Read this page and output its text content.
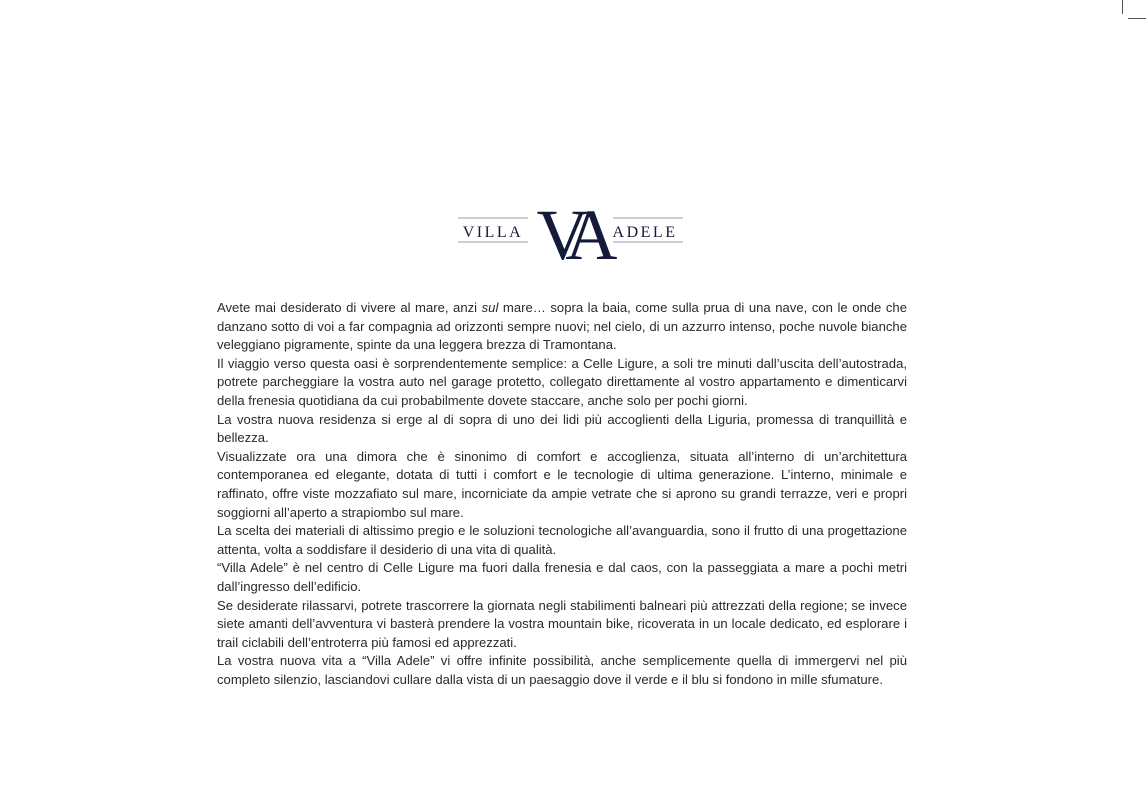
VILLA	ADELE
VA

Avete mai desiderato di vivere al mare, anzi sul mare… sopra la baia, come sulla prua di una nave, con le onde che danzano sotto di voi a far compagnia ad orizzonti sempre nuovi; nel cielo, di un azzurro intenso, poche nuvole bianche veleggiano pigramente, spinte da una leggera brezza di Tramontana.

Il viaggio verso questa oasi è sorprendentemente semplice: a Celle Ligure, a soli tre minuti dall’uscita dell’autostrada, potrete parcheggiare la vostra auto nel garage protetto, collegato direttamente al vostro appartamento e dimenticarvi della frenesia quotidiana da cui probabilmente dovete staccare, anche solo per pochi giorni.

La vostra nuova residenza si erge al di sopra di uno dei lidi più accoglienti della Liguria, promessa di tranquillità e bellezza.

Visualizzate ora una dimora che è sinonimo di comfort e accoglienza, situata all’interno di un’architettura contemporanea ed elegante, dotata di tutti i comfort e le tecnologie di ultima generazione. L’interno, minimale e raffinato, offre viste mozzafiato sul mare, incorniciate da ampie vetrate che si aprono su grandi terrazze, veri e propri soggiorni all’aperto a strapiombo sul mare.

La scelta dei materiali di altissimo pregio e le soluzioni tecnologiche all’avanguardia, sono il frutto di una progettazione attenta, volta a soddisfare il desiderio di una vita di qualità.

“Villa Adele” è nel centro di Celle Ligure ma fuori dalla frenesia e dal caos, con la passeggiata a mare a pochi metri dall’ingresso dell’edificio.

Se desiderate rilassarvi, potrete trascorrere la giornata negli stabilimenti balneari più attrezzati della regione; se invece siete amanti dell’avventura vi basterà prendere la vostra mountain bike, ricoverata in un locale dedicato, ed esplorare i trail ciclabili dell’entroterra più famosi ed apprezzati.

La vostra nuova vita a “Villa Adele” vi offre infinite possibilità, anche semplicemente quella di immergervi nel più completo silenzio, lasciandovi cullare dalla vista di un paesaggio dove il verde e il blu si fondono in mille sfumature.
